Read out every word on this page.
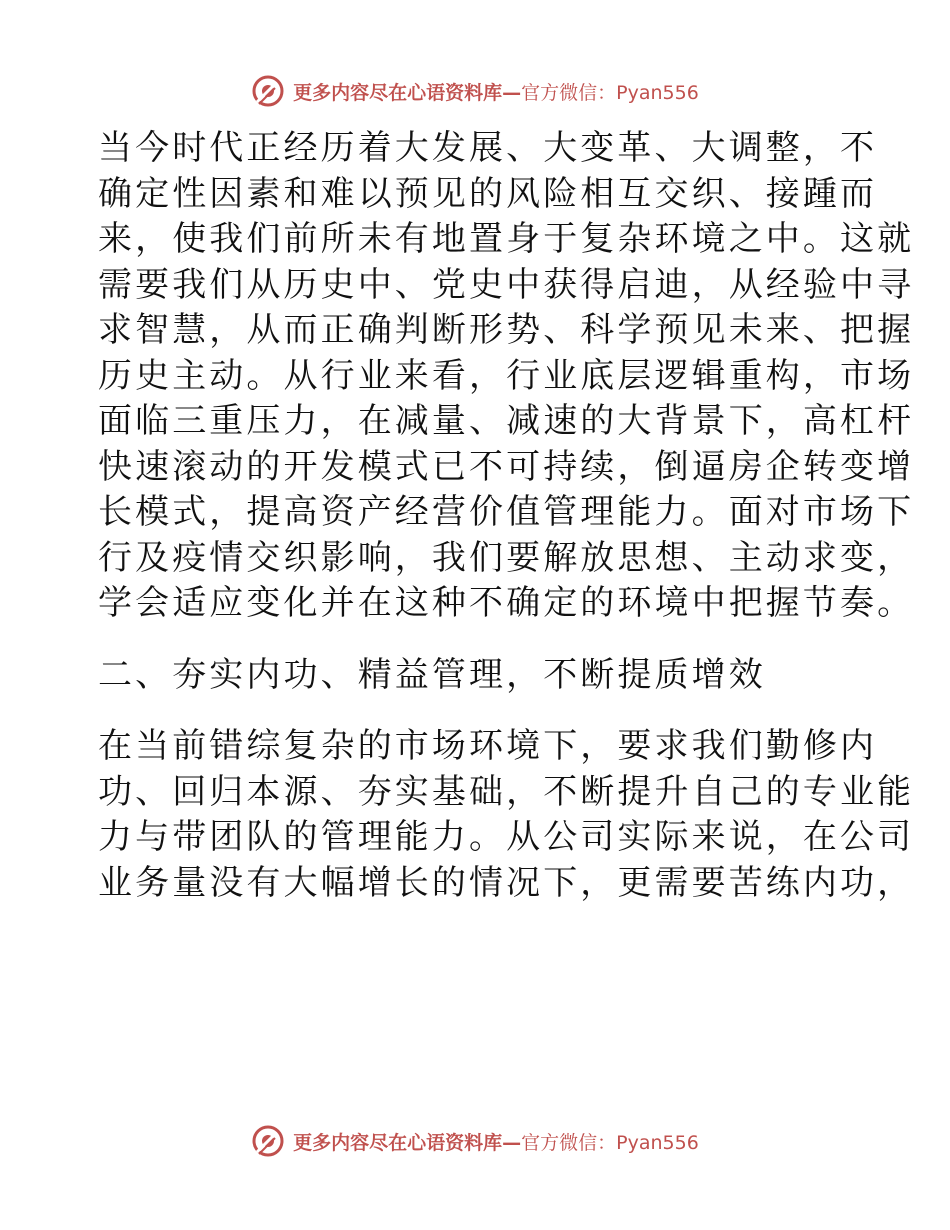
更多内容尽在心语资料库—官方微信：Pyan556
当今时代正经历着大发展、大变革、大调整，不
确定性因素和难以预见的风险相互交织、接踵而
来，使我们前所未有地置身于复杂环境之中。这就
需要我们从历史中、党史中获得启迪，从经验中寻
求智慧，从而正确判断形势、科学预见未来、把握
历史主动。从行业来看，行业底层逻辑重构，市场
面临三重压力，在减量、减速的大背景下，高杠杆
快速滚动的开发模式已不可持续，倒逼房企转变增
长模式，提高资产经营价值管理能力。面对市场下
行及疫情交织影响，我们要解放思想、主动求变，
学会适应变化并在这种不确定的环境中把握节奏。
二、夯实内功、精益管理，不断提质增效
在当前错综复杂的市场环境下，要求我们勤修内
功、回归本源、夯实基础，不断提升自己的专业能
力与带团队的管理能力。从公司实际来说，在公司
业务量没有大幅增长的情况下，更需要苦练内功，
更多内容尽在心语资料库—官方微信：Pyan556
